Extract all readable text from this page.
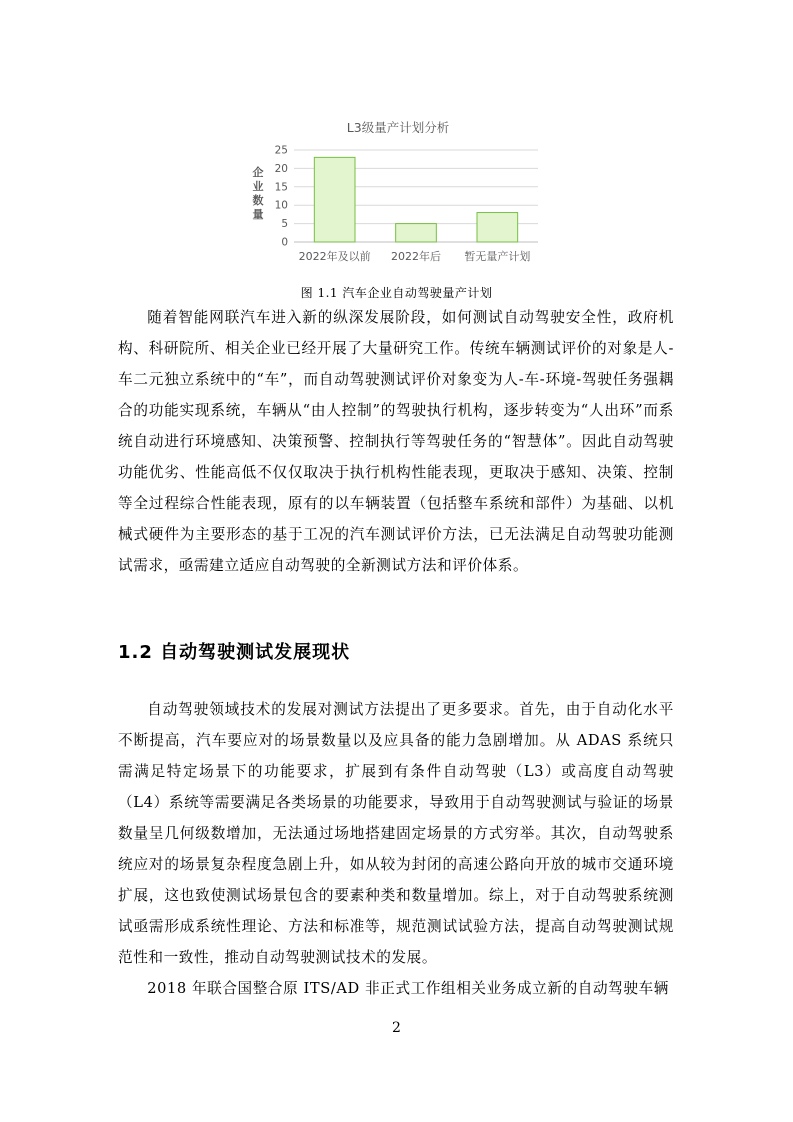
L3级量产计划分析
0
5
10
15
20
25
企业数量
2022年及以前 2022年后 暂无量产计划
图 1.1 汽车企业自动驾驶量产计划

随着智能网联汽车进入新的纵深发展阶段，如何测试自动驾驶安全性，政府机构、科研院所、相关企业已经开展了大量研究工作。传统车辆测试评价的对象是人-车二元独立系统中的“车”，而自动驾驶测试评价对象变为人-车-环境-驾驶任务强耦合的功能实现系统，车辆从“由人控制”的驾驶执行机构，逐步转变为“人出环”而系统自动进行环境感知、决策预警、控制执行等驾驶任务的“智慧体”。因此自动驾驶功能优劣、性能高低不仅仅取决于执行机构性能表现，更取决于感知、决策、控制等全过程综合性能表现，原有的以车辆装置（包括整车系统和部件）为基础、以机械式硬件为主要形态的基于工况的汽车测试评价方法，已无法满足自动驾驶功能测试需求，亟需建立适应自动驾驶的全新测试方法和评价体系。

1.2 自动驾驶测试发展现状

自动驾驶领域技术的发展对测试方法提出了更多要求。首先，由于自动化水平不断提高，汽车要应对的场景数量以及应具备的能力急剧增加。从 ADAS 系统只需满足特定场景下的功能要求，扩展到有条件自动驾驶（L3）或高度自动驾驶（L4）系统等需要满足各类场景的功能要求，导致用于自动驾驶测试与验证的场景数量呈几何级数增加，无法通过场地搭建固定场景的方式穷举。其次，自动驾驶系统应对的场景复杂程度急剧上升，如从较为封闭的高速公路向开放的城市交通环境扩展，这也致使测试场景包含的要素种类和数量增加。综上，对于自动驾驶系统测试亟需形成系统性理论、方法和标准等，规范测试试验方法，提高自动驾驶测试规范性和一致性，推动自动驾驶测试技术的发展。

2018 年联合国整合原 ITS/AD 非正式工作组相关业务成立新的自动驾驶车辆

2
